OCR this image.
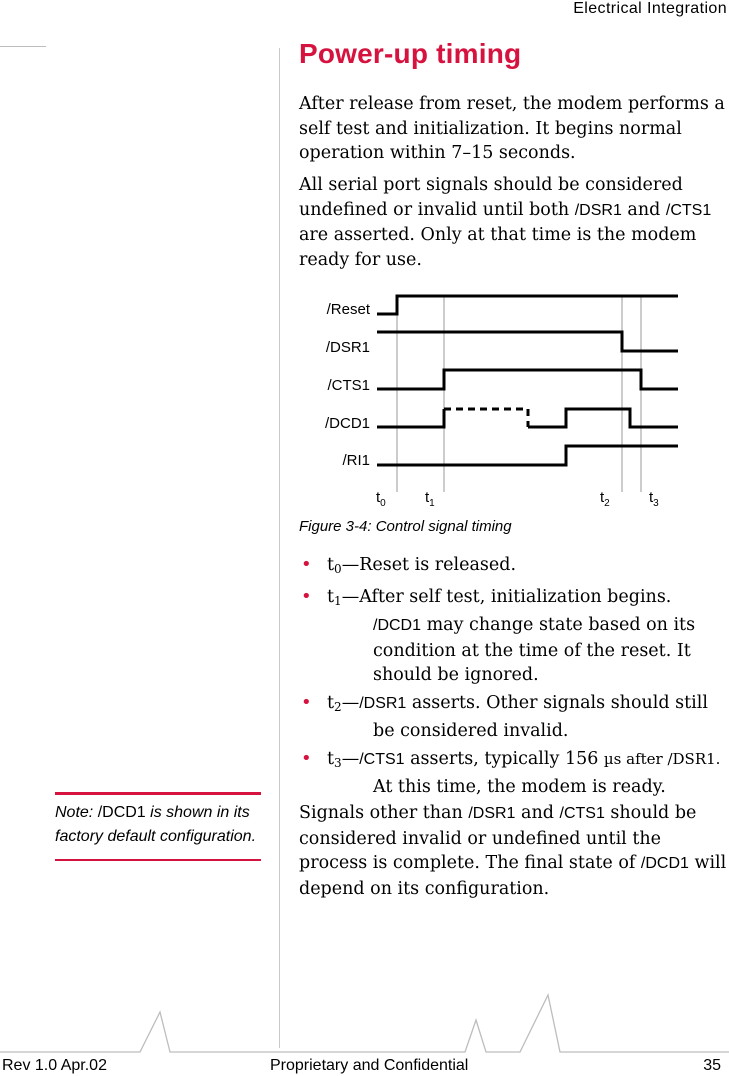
Electrical Integration
Power-up timing

After release from reset, the modem performs a self test and initialization. It begins normal operation within 7–15 seconds.

All serial port signals should be considered undefined or invalid until both /DSR1 and /CTS1 are asserted. Only at that time is the modem ready for use.

/Reset
/DSR1
/CTS1
/DCD1
/RI1
$t_0$	$t_1$	$t_2$	$t_3$
Figure 3-4: Control signal timing
• $t_0—Reset$ is released.
• $t_1—After$ self test, initialization begins.
/DCD1 may change state based on its condition at the time of the reset. It should be ignored.
• $t_2—/DSR1$ asserts. Other signals should still
be considered invalid.
• $t_3—/CTS1$ asserts, typically 156 µs after /DSR1.
At this time, the modem is ready.
Note: /DCD1 is shown in its factory default configuration.

Signals other than /DSR1 and /CTS1 should be considered invalid or undefined until the process is complete. The final state of /DCD1 will depend on its configuration.

Rev 1.0 Apr.02	Proprietary and Confidential	35
